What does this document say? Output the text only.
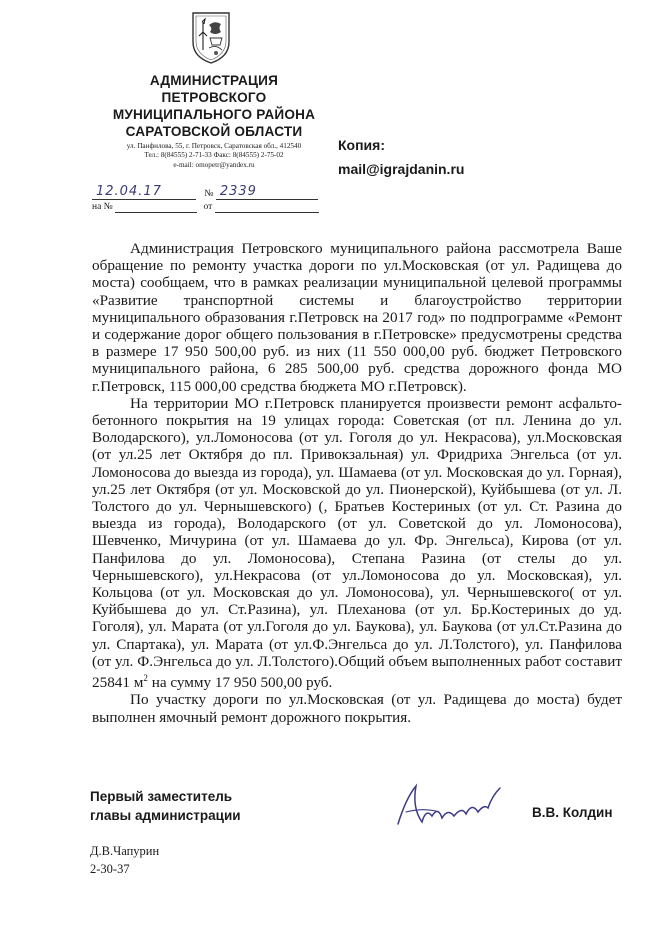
АДМИНИСТРАЦИЯ
ПЕТРОВСКОГО
МУНИЦИПАЛЬНОГО РАЙОНА
САРАТОВСКОЙ ОБЛАСТИ
ул. Панфилова, 55, г. Петровск, Саратовская обл., 412540
Тел.: 8(84555) 2-71-33 Факс: 8(84555) 2-75-02
e-mail: omopetr@yandex.ru
12.04.17	№ 2339
на №	от
Копия:
mail@igrajdanin.ru

Администрация Петровского муниципального района рассмотрела Ваше обращение по ремонту участка дороги по ул.Московская (от ул. Радищева до моста) сообщаем, что в рамках реализации муниципальной целевой программы «Развитие транспортной системы и благоустройство территории муниципального образования г.Петровск на 2017 год» по подпрограмме «Ремонт и содержание дорог общего пользования в г.Петровске» предусмотрены средства в размере 17 950 500,00 руб. из них (11 550 000,00 руб. бюджет Петровского муниципального района, 6 285 500,00 руб. средства дорожного фонда МО г.Петровск, 115 000,00 средства бюджета МО г.Петровск).

На территории МО г.Петровск планируется произвести ремонт асфальто-бетонного покрытия на 19 улицах города: Советская (от пл. Ленина до ул. Володарского), ул.Ломоносова (от ул. Гоголя до ул. Некрасова), ул.Московская (от ул.25 лет Октября до пл. Привокзальная) ул. Фридриха Энгельса (от ул. Ломоносова до выезда из города), ул. Шамаева (от ул. Московская до ул. Горная), ул.25 лет Октября (от ул. Московской до ул. Пионерской), Куйбышева (от ул. Л. Толстого до ул. Чернышевского) (, Братьев Костериных (от ул. Ст. Разина до выезда из города), Володарского (от ул. Советской до ул. Ломоносова), Шевченко, Мичурина (от ул. Шамаева до ул. Фр. Энгельса), Кирова (от ул. Панфилова до ул. Ломоносова), Степана Разина (от стелы до ул. Чернышевского), ул.Некрасова (от ул.Ломоносова до ул. Московская), ул. Кольцова (от ул. Московская до ул. Ломоносова), ул. Чернышевского( от ул. Куйбышева до ул. Ст.Разина), ул. Плеханова (от ул. Бр.Костериных до уд. Гоголя), ул. Марата (от ул.Гоголя до ул. Баукова), ул. Баукова (от ул.Ст.Разина до ул. Спартака), ул. Марата (от ул.Ф.Энгельса до ул. Л.Толстого), ул. Панфилова (от ул. Ф.Энгельса до ул. Л.Толстого).Общий объем выполненных работ составит 25841 $м^2$ на сумму 17 950 500,00 руб.

По участку дороги по ул.Московская (от ул. Радищева до моста) будет выполнен ямочный ремонт дорожного покрытия.

Первый заместитель
главы администрации	В.В. Колдин
Д.В.Чапурин
2-30-37
